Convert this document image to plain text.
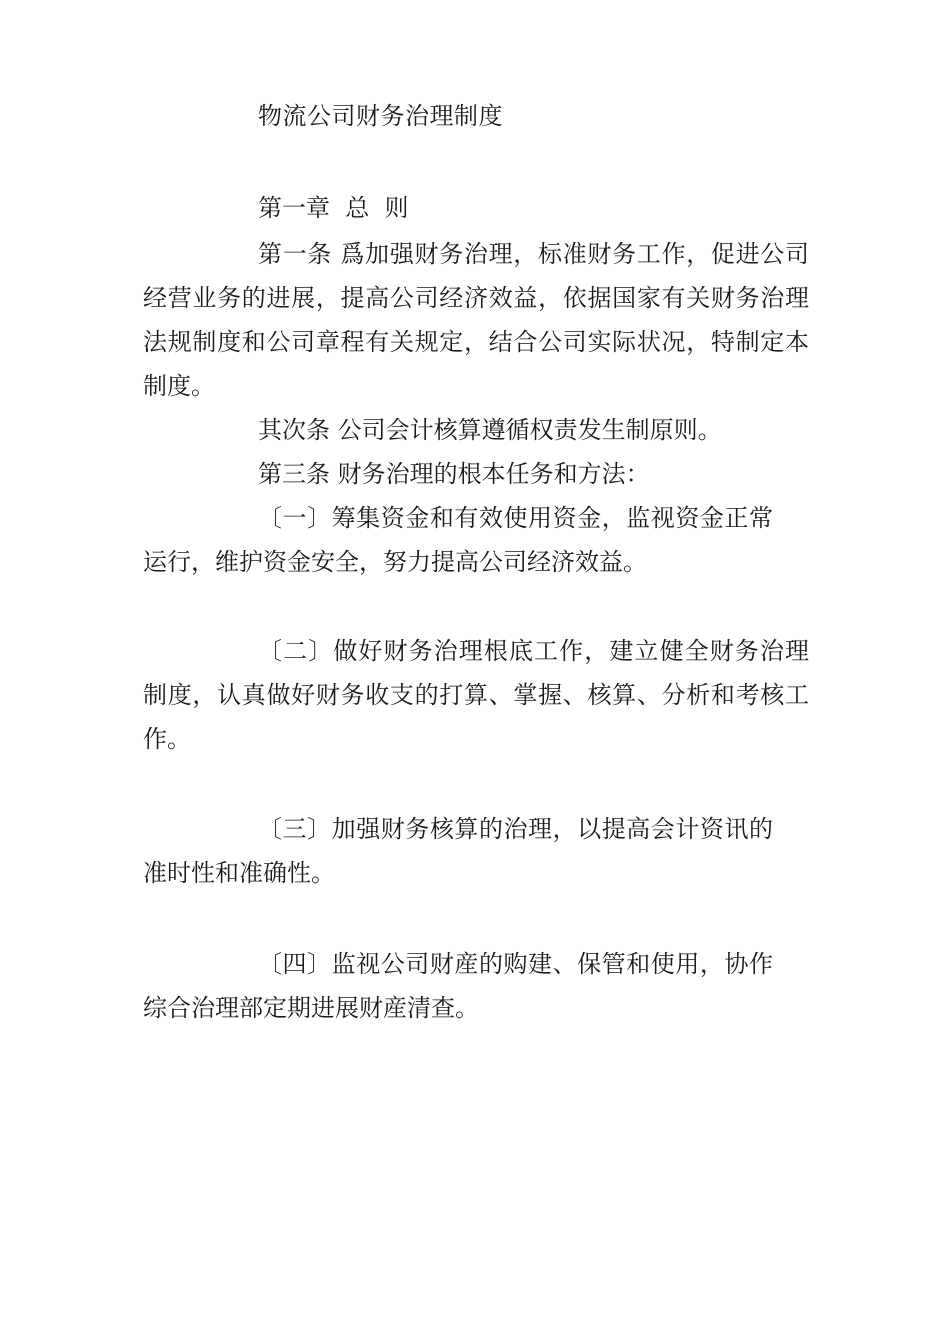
物流公司财务治理制度
第一章  总  则
第一条 爲加强财务治理，标准财务工作，促进公司经营业务的进展，提高公司经济效益，依据国家有关财务治理法规制度和公司章程有关规定，结合公司实际状况，特制定本制度。
其次条 公司会计核算遵循权责发生制原则。
第三条 财务治理的根本任务和方法：
〔一〕筹集资金和有效使用资金，监视资金正常运行，维护资金安全，努力提高公司经济效益。
〔二〕做好财务治理根底工作，建立健全财务治理制度，认真做好财务收支的打算、掌握、核算、分析和考核工作。
〔三〕加强财务核算的治理，以提高会计资讯的准时性和准确性。
〔四〕监视公司财産的购建、保管和使用，协作综合治理部定期进展财産清查。
